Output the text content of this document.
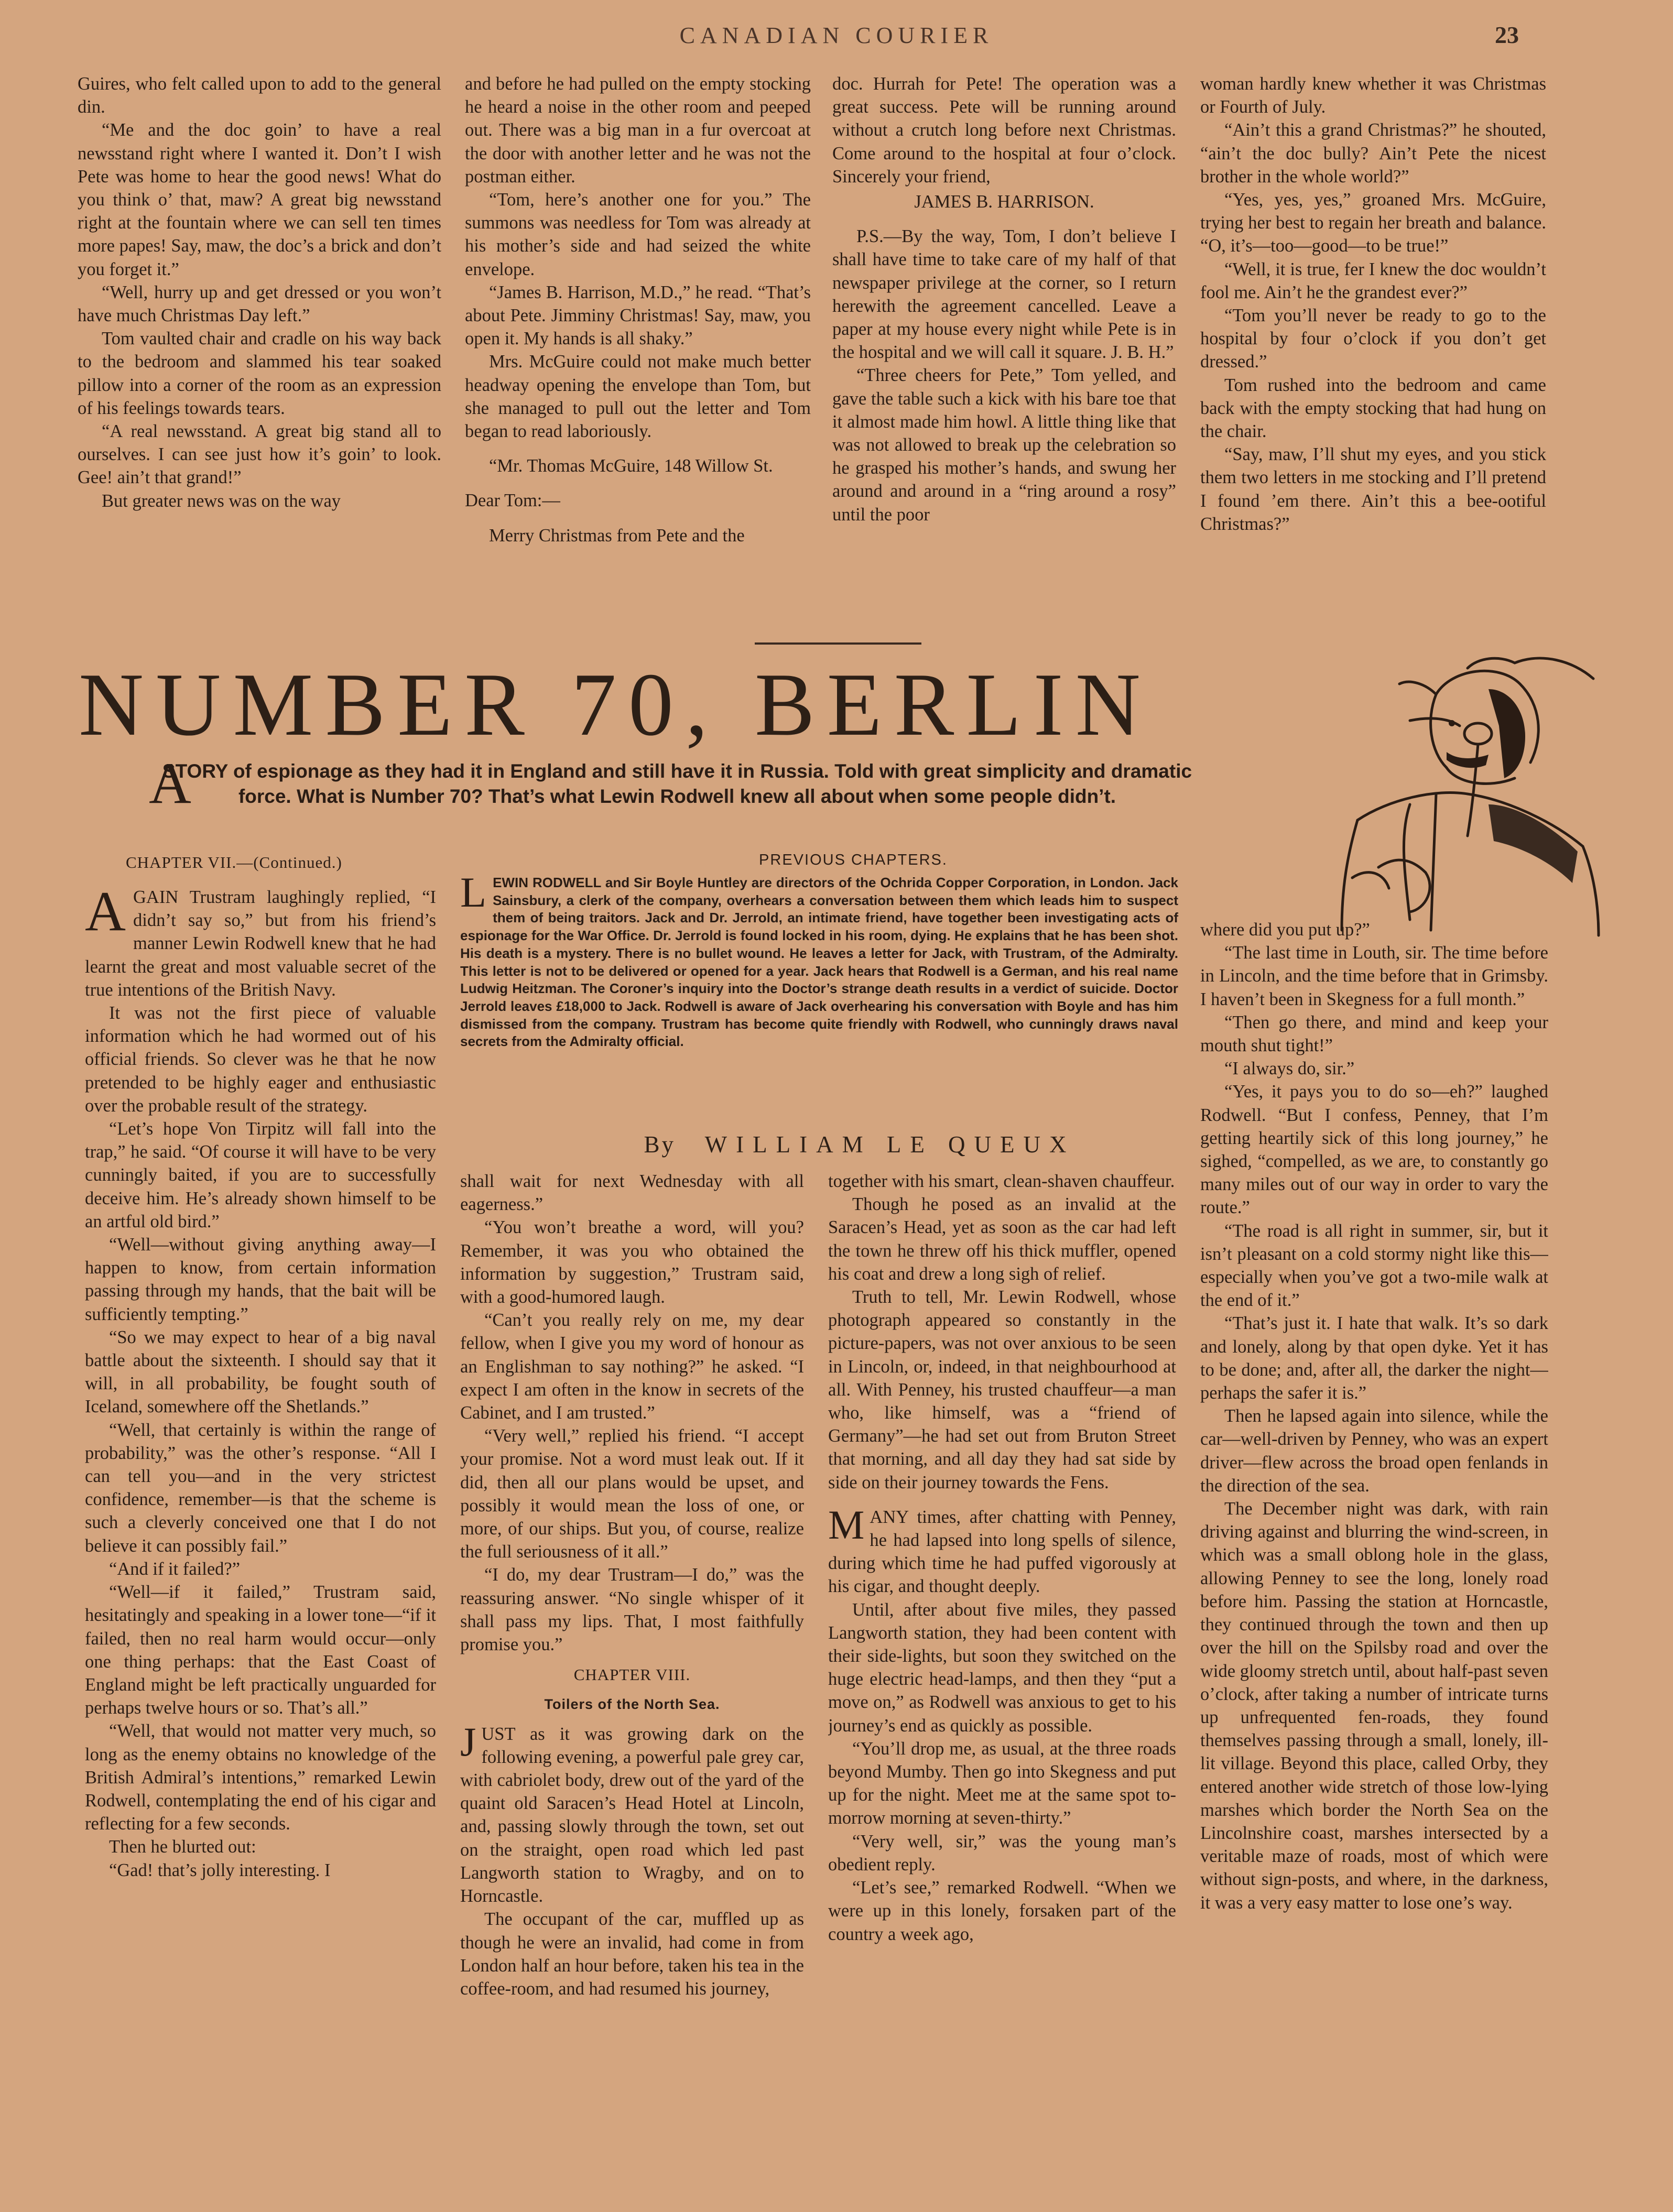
CANADIAN COURIER	23

Guires, who felt called upon to add to the general din.

“Me and the doc goin’ to have a real newsstand right where I wanted it. Don’t I wish Pete was home to hear the good news! What do you think o’ that, maw? A great big newsstand right at the fountain where we can sell ten times more papes! Say, maw, the doc’s a brick and don’t you forget it.”

“Well, hurry up and get dressed or you won’t have much Christmas Day left.”

Tom vaulted chair and cradle on his way back to the bedroom and slammed his tear soaked pillow into a corner of the room as an expression of his feelings towards tears.

“A real newsstand. A great big stand all to ourselves. I can see just how it’s goin’ to look. Gee! ain’t that grand!”

But greater news was on the way

and before he had pulled on the empty stocking he heard a noise in the other room and peeped out. There was a big man in a fur overcoat at the door with another letter and he was not the postman either.

“Tom, here’s another one for you.” The summons was needless for Tom was already at his mother’s side and had seized the white envelope.

“James B. Harrison, M.D.,” he read. “That’s about Pete. Jimminy Christmas! Say, maw, you open it. My hands is all shaky.”

Mrs. McGuire could not make much better headway opening the envelope than Tom, but she managed to pull out the letter and Tom began to read laboriously.

“Mr. Thomas McGuire, 148 Willow St.

Dear Tom:—

Merry Christmas from Pete and the

doc. Hurrah for Pete! The operation was a great success. Pete will be running around without a crutch long before next Christmas. Come around to the hospital at four o’clock. Sincerely your friend,

JAMES B. HARRISON.

P.S.—By the way, Tom, I don’t believe I shall have time to take care of my half of that newspaper privilege at the corner, so I return herewith the agreement cancelled. Leave a paper at my house every night while Pete is in the hospital and we will call it square. J. B. H.”

“Three cheers for Pete,” Tom yelled, and gave the table such a kick with his bare toe that it almost made him howl. A little thing like that was not allowed to break up the celebration so he grasped his mother’s hands, and swung her around and around in a “ring around a rosy” until the poor

woman hardly knew whether it was Christmas or Fourth of July.

“Ain’t this a grand Christmas?” he shouted, “ain’t the doc bully? Ain’t Pete the nicest brother in the whole world?”

“Yes, yes, yes,” groaned Mrs. McGuire, trying her best to regain her breath and balance. “O, it’s—too—good—to be true!”

“Well, it is true, fer I knew the doc wouldn’t fool me. Ain’t he the grandest ever?”

“Tom you’ll never be ready to go to the hospital by four o’clock if you don’t get dressed.”

Tom rushed into the bedroom and came back with the empty stocking that had hung on the chair.

“Say, maw, I’ll shut my eyes, and you stick them two letters in me stocking and I’ll pretend I found ’em there. Ain’t this a bee-ootiful Christmas?”

NUMBER 70, BERLIN
A
STORY of espionage as they had it in England and still have it in Russia. Told with great simplicity and dramatic force. What is Number 70? That’s what Lewin Rodwell knew all about when some people didn’t.
CHAPTER VII.—(Continued.)	PREVIOUS CHAPTERS.
L EWIN RODWELL and Sir Boyle Huntley are directors of the Ochrida Copper Corporation, in London. Jack Sainsbury, a clerk of the company, overhears a conversation between them which leads him to suspect them of being traitors. Jack and Dr. Jerrold, an intimate friend, have together been investigating acts of espionage for the War Office. Dr. Jerrold is found locked in his room, dying. He explains that he has been shot. His death is a mystery. There is no bullet wound. He leaves a letter for Jack, with Trustram, of the Admiralty. This letter is not to be delivered or opened for a year. Jack hears that Rodwell is a German, and his real name Ludwig Heitzman. The Coroner’s inquiry into the Doctor’s strange death results in a verdict of suicide. Doctor Jerrold leaves £18,000 to Jack. Rodwell is aware of Jack overhearing his conversation with Boyle and has him dismissed from the company. Trustram has become quite friendly with Rodwell, who cunningly draws naval secrets from the Admiralty official.
By WILLIAM LE QUEUX

AGAIN Trustram laughingly replied, “I didn’t say so,” but from his friend’s manner Lewin Rodwell knew that he had learnt the great and most valuable secret of the true intentions of the British Navy.

It was not the first piece of valuable information which he had wormed out of his official friends. So clever was he that he now pretended to be highly eager and enthusiastic over the probable result of the strategy.

“Let’s hope Von Tirpitz will fall into the trap,” he said. “Of course it will have to be very cunningly baited, if you are to successfully deceive him. He’s already shown himself to be an artful old bird.”

“Well—without giving anything away—I happen to know, from certain information passing through my hands, that the bait will be sufficiently tempting.”

“So we may expect to hear of a big naval battle about the sixteenth. I should say that it will, in all probability, be fought south of Iceland, somewhere off the Shetlands.”

“Well, that certainly is within the range of probability,” was the other’s response. “All I can tell you—and in the very strictest confidence, remember—is that the scheme is such a cleverly conceived one that I do not believe it can possibly fail.”

“And if it failed?”

“Well—if it failed,” Trustram said, hesitatingly and speaking in a lower tone—“if it failed, then no real harm would occur—only one thing perhaps: that the East Coast of England might be left practically unguarded for perhaps twelve hours or so. That’s all.”

“Well, that would not matter very much, so long as the enemy obtains no knowledge of the British Admiral’s intentions,” remarked Lewin Rodwell, contemplating the end of his cigar and reflecting for a few seconds.

Then he blurted out:

“Gad! that’s jolly interesting. I

shall wait for next Wednesday with all eagerness.”

“You won’t breathe a word, will you? Remember, it was you who obtained the information by suggestion,” Trustram said, with a good-humored laugh.

“Can’t you really rely on me, my dear fellow, when I give you my word of honour as an Englishman to say nothing?” he asked. “I expect I am often in the know in secrets of the Cabinet, and I am trusted.”

“Very well,” replied his friend. “I accept your promise. Not a word must leak out. If it did, then all our plans would be upset, and possibly it would mean the loss of one, or more, of our ships. But you, of course, realize the full seriousness of it all.”

“I do, my dear Trustram—I do,” was the reassuring answer. “No single whisper of it shall pass my lips. That, I most faithfully promise you.”

CHAPTER VIII.
Toilers of the North Sea.

JUST as it was growing dark on the following evening, a powerful pale grey car, with cabriolet body, drew out of the yard of the quaint old Saracen’s Head Hotel at Lincoln, and, passing slowly through the town, set out on the straight, open road which led past Langworth station to Wragby, and on to Horncastle.

The occupant of the car, muffled up as though he were an invalid, had come in from London half an hour before, taken his tea in the coffee-room, and had resumed his journey,

together with his smart, clean-shaven chauffeur.

Though he posed as an invalid at the Saracen’s Head, yet as soon as the car had left the town he threw off his thick muffler, opened his coat and drew a long sigh of relief.

Truth to tell, Mr. Lewin Rodwell, whose photograph appeared so constantly in the picture-papers, was not over anxious to be seen in Lincoln, or, indeed, in that neighbourhood at all. With Penney, his trusted chauffeur—a man who, like himself, was a “friend of Germany”—he had set out from Bruton Street that morning, and all day they had sat side by side on their journey towards the Fens.

MANY times, after chatting with Penney, he had lapsed into long spells of silence, during which time he had puffed vigorously at his cigar, and thought deeply.

Until, after about five miles, they passed Langworth station, they had been content with their side-lights, but soon they switched on the huge electric head-lamps, and then they “put a move on,” as Rodwell was anxious to get to his journey’s end as quickly as possible.

“You’ll drop me, as usual, at the three roads beyond Mumby. Then go into Skegness and put up for the night. Meet me at the same spot to-morrow morning at seven-thirty.”

“Very well, sir,” was the young man’s obedient reply.

“Let’s see,” remarked Rodwell. “When we were up in this lonely, forsaken part of the country a week ago,

where did you put up?”

“The last time in Louth, sir. The time before in Lincoln, and the time before that in Grimsby. I haven’t been in Skegness for a full month.”

“Then go there, and mind and keep your mouth shut tight!”

“I always do, sir.”

“Yes, it pays you to do so—eh?” laughed Rodwell. “But I confess, Penney, that I’m getting heartily sick of this long journey,” he sighed, “compelled, as we are, to constantly go many miles out of our way in order to vary the route.”

“The road is all right in summer, sir, but it isn’t pleasant on a cold stormy night like this—especially when you’ve got a two-mile walk at the end of it.”

“That’s just it. I hate that walk. It’s so dark and lonely, along by that open dyke. Yet it has to be done; and, after all, the darker the night—perhaps the safer it is.”

Then he lapsed again into silence, while the car—well-driven by Penney, who was an expert driver—flew across the broad open fenlands in the direction of the sea.

The December night was dark, with rain driving against and blurring the wind-screen, in which was a small oblong hole in the glass, allowing Penney to see the long, lonely road before him. Passing the station at Horncastle, they continued through the town and then up over the hill on the Spilsby road and over the wide gloomy stretch until, about half-past seven o’clock, after taking a number of intricate turns up unfrequented fen-roads, they found themselves passing through a small, lonely, ill-lit village. Beyond this place, called Orby, they entered another wide stretch of those low-lying marshes which border the North Sea on the Lincolnshire coast, marshes intersected by a veritable maze of roads, most of which were without sign-posts, and where, in the darkness, it was a very easy matter to lose one’s way.
